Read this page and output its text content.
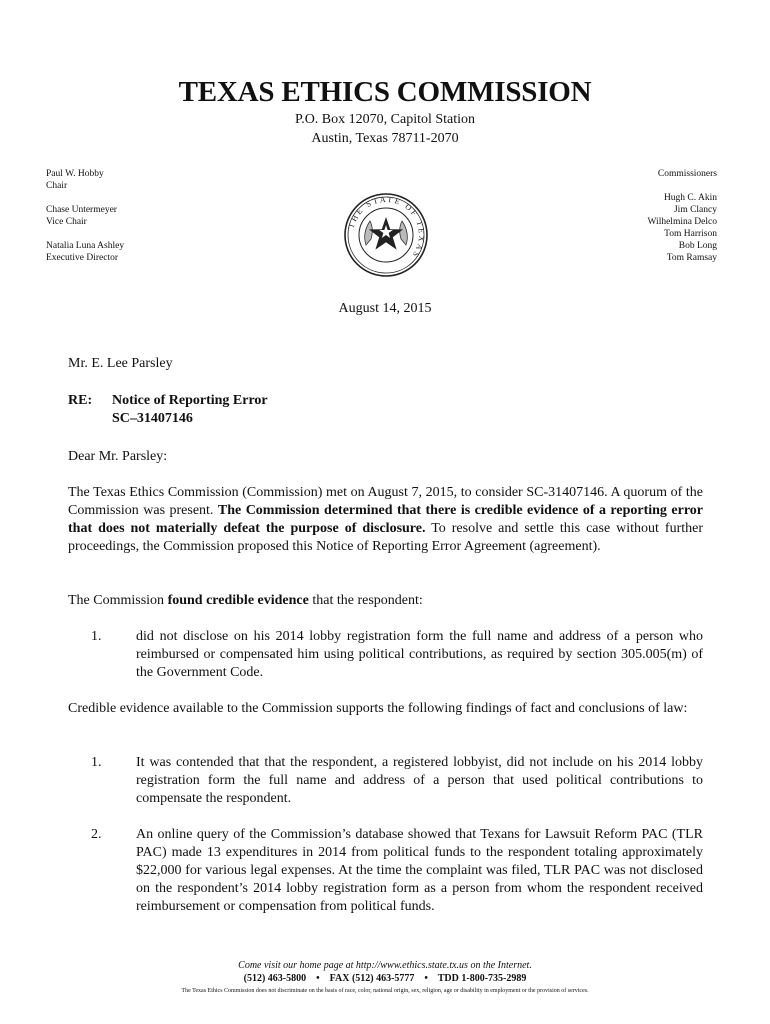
TEXAS ETHICS COMMISSION
P.O. Box 12070, Capitol Station
Austin, Texas 78711-2070
Paul W. Hobby
Chair
Chase Untermeyer
Vice Chair
Natalia Luna Ashley
Executive Director
Commissioners
Hugh C. Akin
Jim Clancy
Wilhelmina Delco
Tom Harrison
Bob Long
Tom Ramsay
THE STATE OF TEXAS
August 14, 2015
Mr. E. Lee Parsley
RE: Notice of Reporting Error
SC–31407146
Dear Mr. Parsley:
The Texas Ethics Commission (Commission) met on August 7, 2015, to consider SC-31407146. A quorum of the Commission was present. The Commission determined that there is credible evidence of a reporting error that does not materially defeat the purpose of disclosure. To resolve and settle this case without further proceedings, the Commission proposed this Notice of Reporting Error Agreement (agreement).
The Commission found credible evidence that the respondent:
1. did not disclose on his 2014 lobby registration form the full name and address of a person who reimbursed or compensated him using political contributions, as required by section 305.005(m) of the Government Code.
Credible evidence available to the Commission supports the following findings of fact and conclusions of law:
1. It was contended that that the respondent, a registered lobbyist, did not include on his 2014 lobby registration form the full name and address of a person that used political contributions to compensate the respondent.
2. An online query of the Commission’s database showed that Texans for Lawsuit Reform PAC (TLR PAC) made 13 expenditures in 2014 from political funds to the respondent totaling approximately $22,000 for various legal expenses. At the time the complaint was filed, TLR PAC was not disclosed on the respondent’s 2014 lobby registration form as a person from whom the respondent received reimbursement or compensation from political funds.
Come visit our home page at http://www.ethics.state.tx.us on the Internet.
(512) 463-5800    •    FAX (512) 463-5777    •    TDD 1-800-735-2989
The Texas Ethics Commission does not discriminate on the basis of race, color, national origin, sex, religion, age or disability in employment or the provision of services.
